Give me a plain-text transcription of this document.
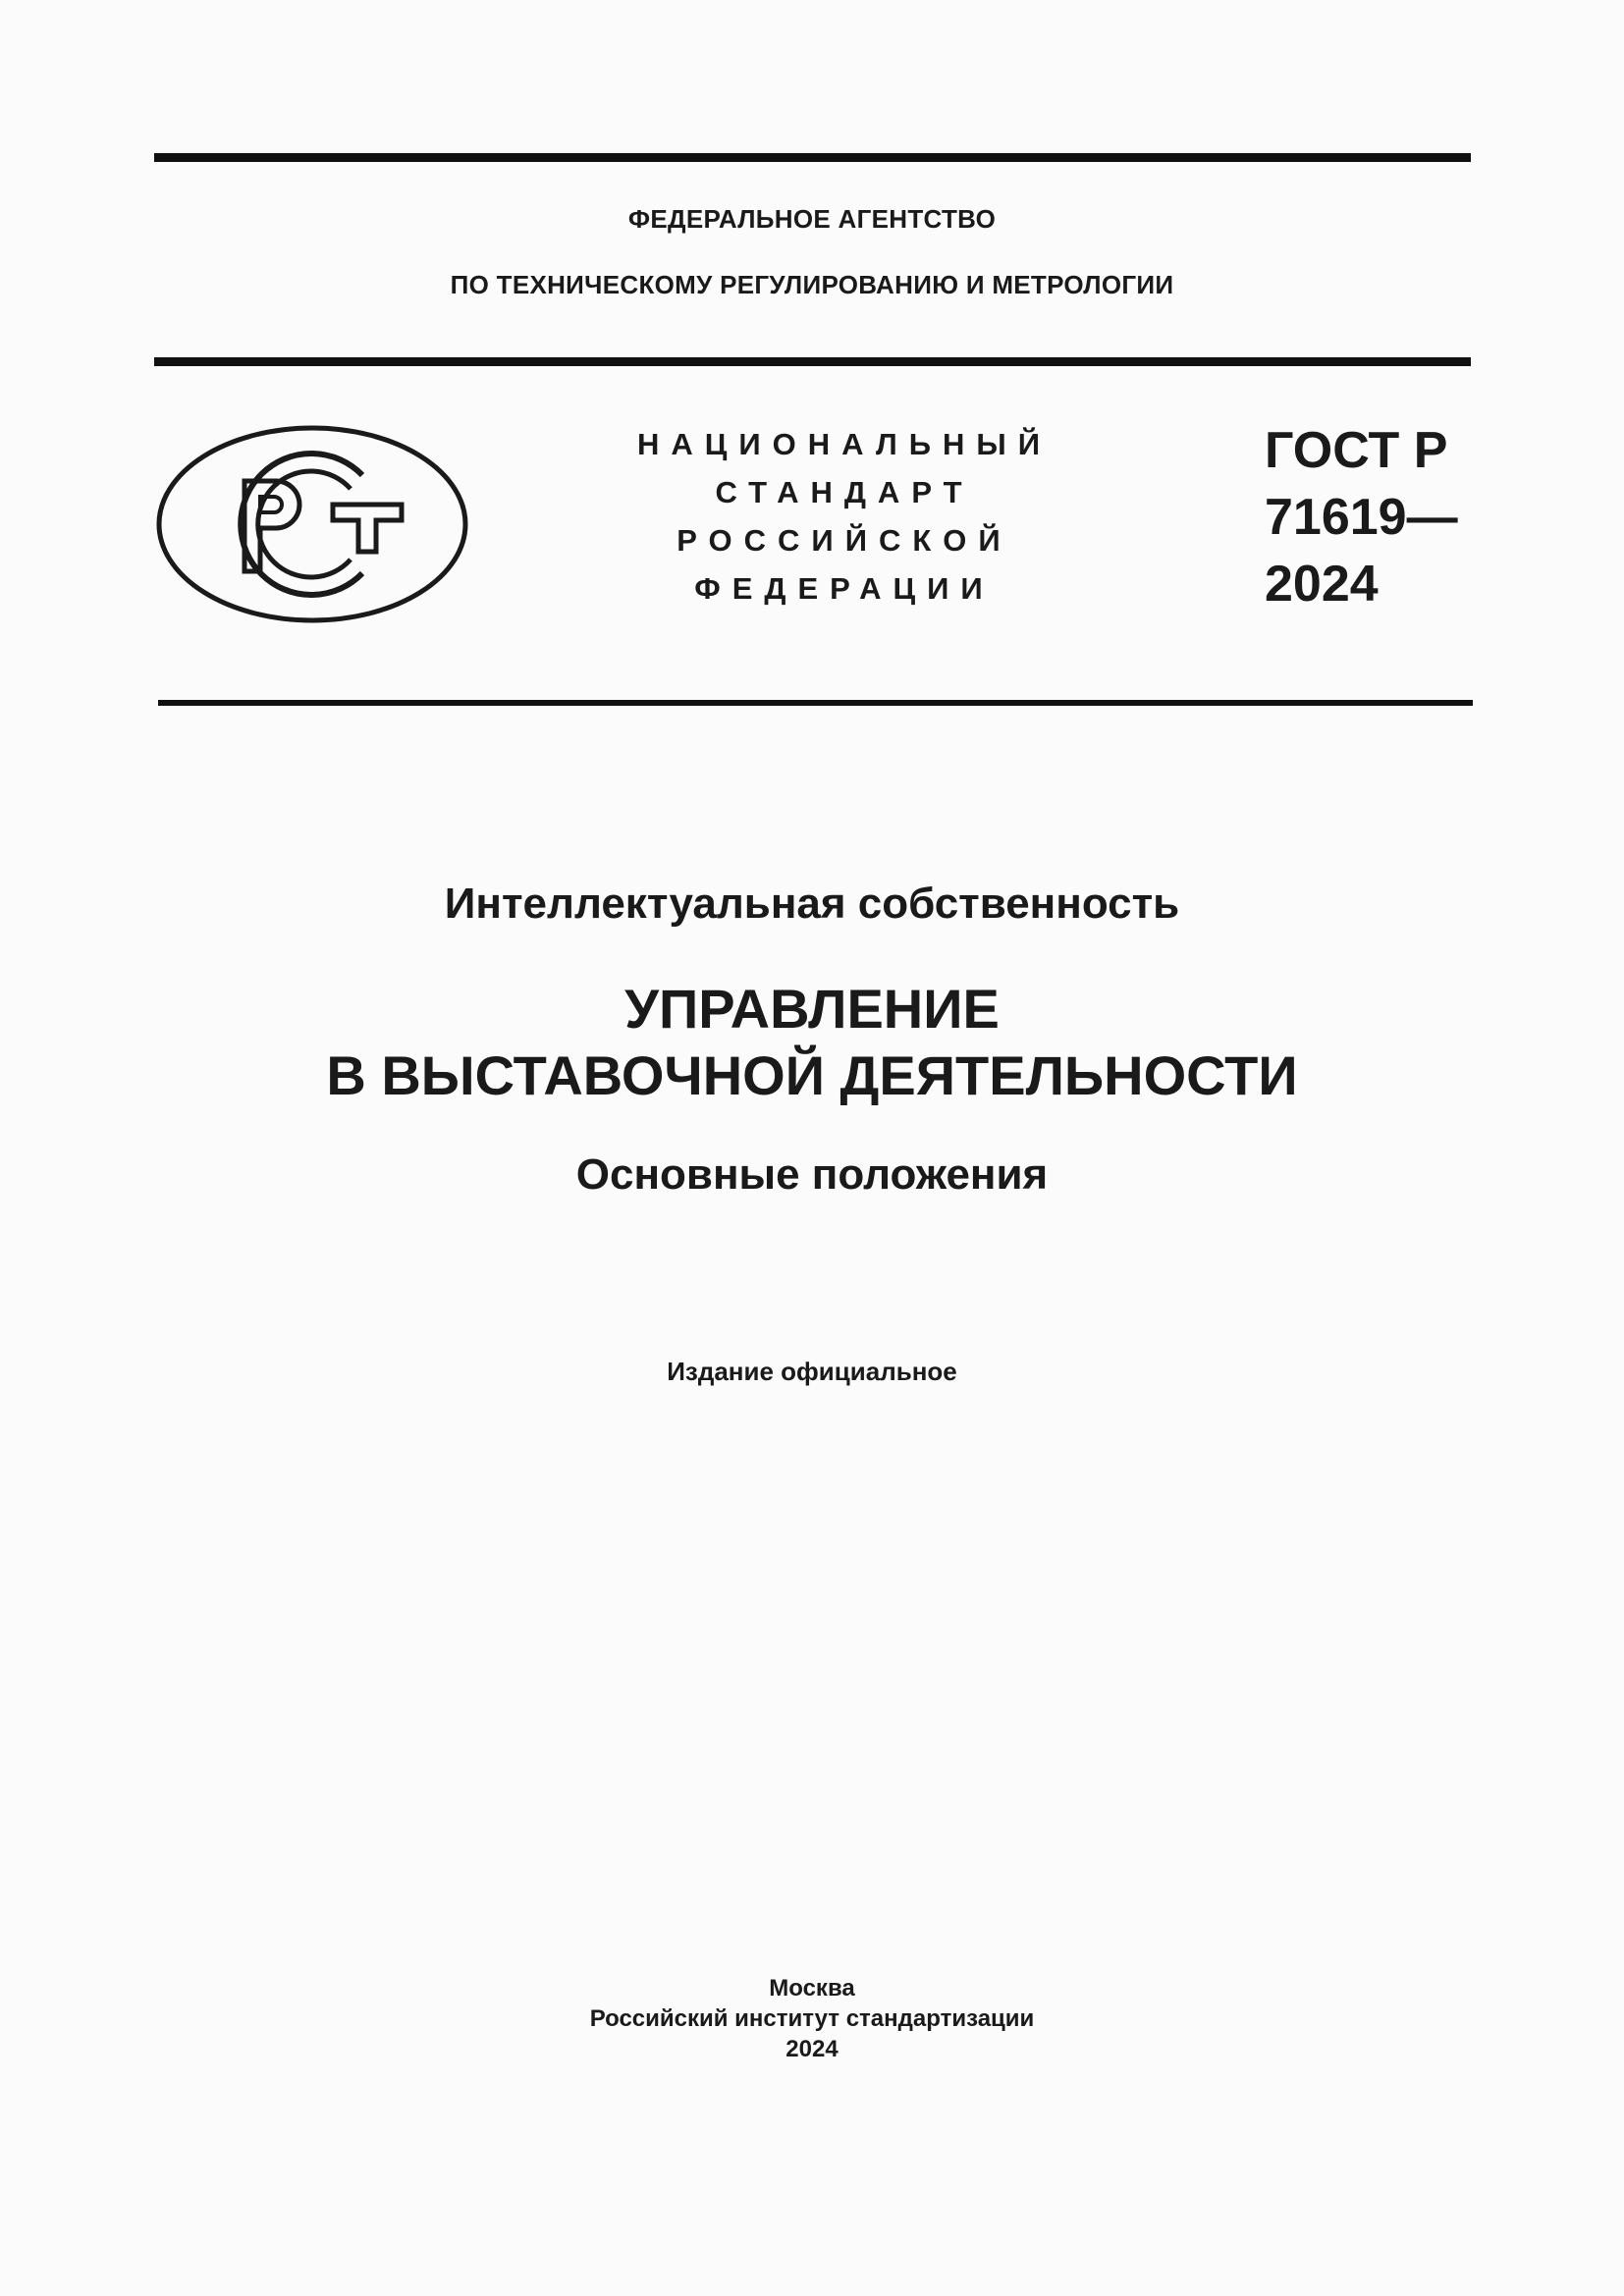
ФЕДЕРАЛЬНОЕ АГЕНТСТВО
ПО ТЕХНИЧЕСКОМУ РЕГУЛИРОВАНИЮ И МЕТРОЛОГИИ
НАЦИОНАЛЬНЫЙ
СТАНДАРТ
РОССИЙСКОЙ
ФЕДЕРАЦИИ
ГОСТ Р
71619—
2024
Интеллектуальная собственность
УПРАВЛЕНИЕ
В ВЫСТАВОЧНОЙ ДЕЯТЕЛЬНОСТИ
Основные положения
Издание официальное
Москва
Российский институт стандартизации
2024
